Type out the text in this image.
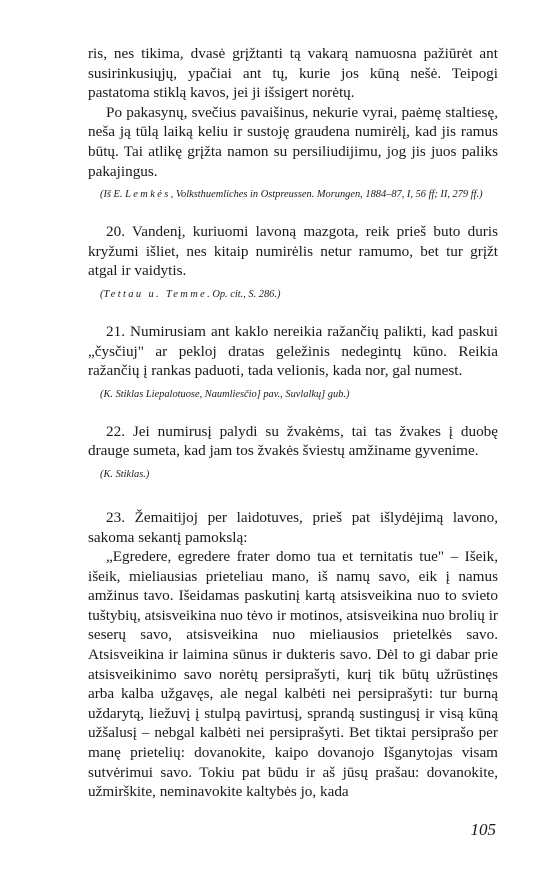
ris, nes tikima, dvasė grįžtanti tą vakarą namuosna pažiūrėt ant susirinkusiųjų, ypačiai ant tų, kurie jos kūną nešė. Teipogi pastatoma stiklą kavos, jei ji išsigert norėtų.

Po pakasynų, svečius pavaišinus, nekurie vyrai, paėmę staltiesę, neša ją tūlą laiką keliu ir sustoję graudena numirėlį, kad jis ramus būtų. Tai atlikę grįžta namon su persiliudijimu, jog jis juos paliks pakajingus.

(Iš E. Lemkės, Volksthuemliches in Ostpreussen. Morungen, 1884–87, I, 56 ff; II, 279 ff.)

20. Vandenį, kuriuomi lavoną mazgota, reik prieš buto duris kryžumi išliet, nes kitaip numirėlis netur ramumo, bet tur grįžt atgal ir vaidytis.

(Tettau u. Temme. Op. cit., S. 286.)

21. Numirusiam ant kaklo nereikia ražančių palikti, kad paskui „čysčiuj" ar pekloj dratas geležinis nedegintų kūno. Reikia ražančių į rankas paduoti, tada velionis, kada nor, gal numest.

(K. Stiklas Liepalotuose, Naumliesčio] pav., Suvlalkų] gub.)

22. Jei numirusį palydi su žvakėms, tai tas žvakes į duobę draugе sumeta, kad jam tos žvakės šviestų amžiname gyvenime.

(K. Stiklas.)

23. Žemaitijoj per laidotuves, prieš pat išlydėjimą lavono, sakoma sekantį pamokslą:

„Egredere, egredere frater domo tua et ternitatis tue" – Išeik, išeik, mieliausias prieteliau mano, iš namų savo, eik į namus amžinus tavo. Išeidamas paskutinį kartą atsisveikina nuo to svieto tuštybių, atsisveikina nuo tėvo ir motinos, atsisveikina nuo brolių ir seserų savo, atsisveikina nuo mieliausios prietelkės savo. Atsisveikina ir laimina sūnus ir dukteris savo. Dėl to gi dabar prie atsisveikinimo savo norėtų persiprašyti, kurį tik būtų užrūstinęs arba kalba užgavęs, ale negal kalbėti nei persiprašyti: tur burną uždarytą, liežuvį į stulpą pavirtusį, sprandą sustingusį ir visą kūną užšalusį – nebgal kalbėti nei persiprašyti. Bet tiktai persiprašo per manę prietelių: dovanokite, kaipo dovanojo Išganytojas visam sutvėrimui savo. Tokiu pat būdu ir aš jūsų prašau: dovanokite, užmirškite, neminavokite kaltybės jo, kada

105
